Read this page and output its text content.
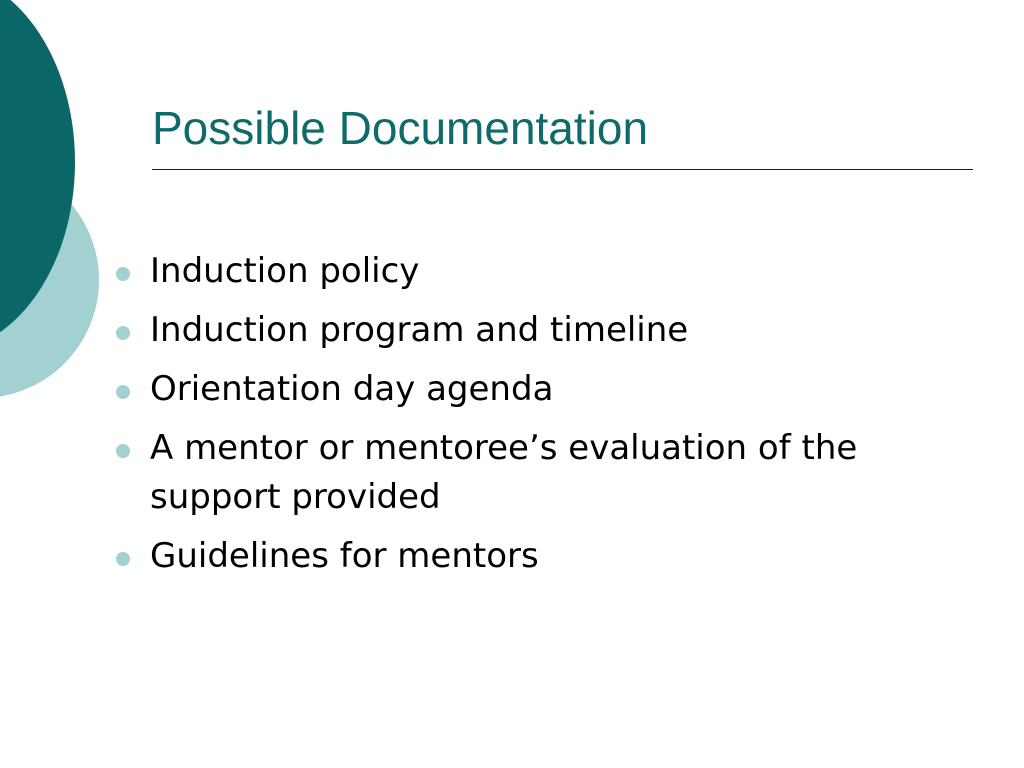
Possible Documentation
Induction policy
Induction program and timeline
Orientation day agenda
A mentor or mentoree’s evaluation of the support provided
Guidelines for mentors
